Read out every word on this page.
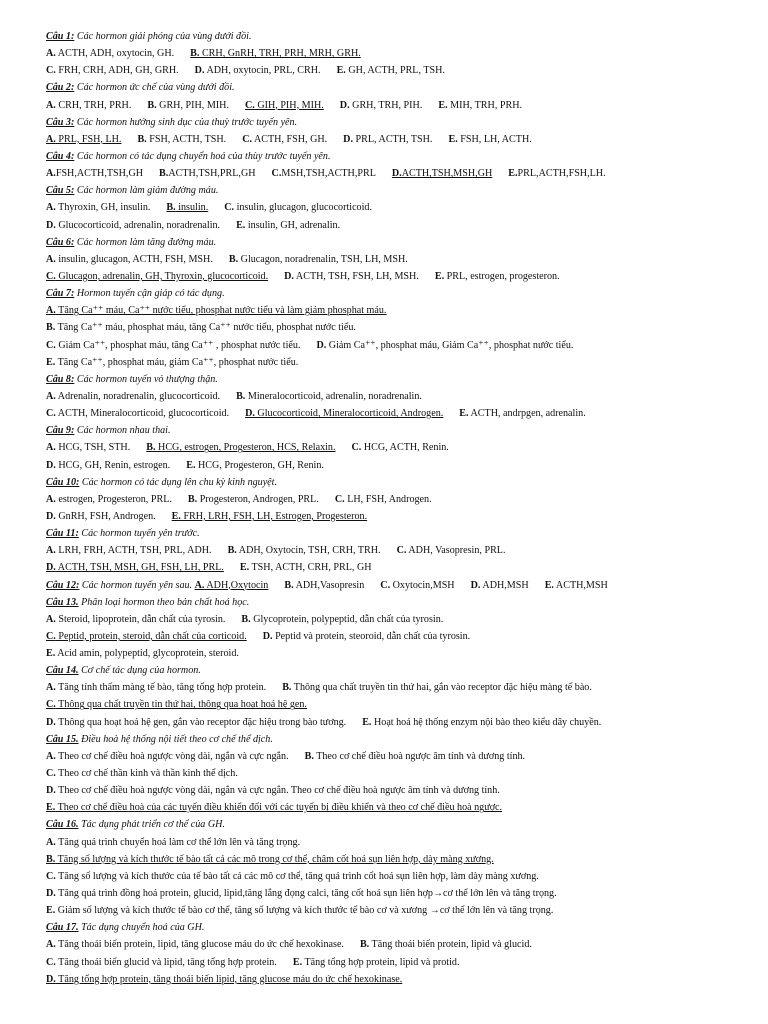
Câu 1: Các hormon giải phóng của vùng dưới đồi.
A. ACTH, ADH, oxytocin, GH. B. CRH, GnRH, TRH, PRH, MRH, GRH.
C. FRH, CRH, ADH, GH, GRH. D. ADH, oxytocin, PRL, CRH. E. GH, ACTH, PRL, TSH.
Câu 2: Các hormon ức chế của vùng dưới đồi.
A. CRH, TRH, PRH. B. GRH, PIH, MIH. C. GIH, PIH, MIH. D. GRH, TRH, PIH. E. MIH, TRH, PRH.
Câu 3: Các hormon hướng sinh dục của thuỳ trước tuyến yên.
A. PRL, FSH, LH. B. FSH, ACTH, TSH. C. ACTH, FSH, GH. D. PRL, ACTH, TSH. E. FSH, LH, ACTH.
Câu 4: Các hormon có tác dụng chuyển hoá của thùy trước tuyến yên.
A.FSH,ACTH,TSH,GH B.ACTH,TSH,PRL,GH C.MSH,TSH,ACTH,PRL D.ACTH,TSH,MSH,GH E.PRL,ACTH,FSH,LH.
Câu 5: Các hormon làm giảm đường máu.
A. Thyroxin, GH, insulin. B. insulin. C. insulin, glucagon, glucocorticoid.
D. Glucocorticoid, adrenalin, noradrenalin. E. insulin, GH, adrenalin.
Câu 6: Các hormon làm tăng đường máu.
A. insulin, glucagon, ACTH, FSH, MSH. B. Glucagon, noradrenalin, TSH, LH, MSH.
C. Glucagon, adrenalin, GH, Thyroxin, glucocorticoid. D. ACTH, TSH, FSH, LH, MSH. E. PRL, estrogen, progesteron.
Câu 7: Hormon tuyến cận giáp có tác dụng.
A. Tăng Ca⁺⁺ máu, Ca⁺⁺ nước tiểu, phosphat nước tiểu và làm giảm phosphat máu.
B. Tăng Ca⁺⁺ máu, phosphat máu, tăng Ca⁺⁺ nước tiểu, phosphat nước tiểu.
C. Giảm Ca⁺⁺, phosphat máu, tăng Ca⁺⁺ , phosphat nước tiểu. D. Giảm Ca⁺⁺, phosphat máu, Giảm Ca⁺⁺, phosphat nước tiểu.
E. Tăng Ca⁺⁺, phosphat máu, giảm Ca⁺⁺, phosphat nước tiểu.
Câu 8: Các hormon tuyến vỏ thượng thận.
A. Adrenalin, noradrenalin, glucocorticoid. B. Mineralocorticoid, adrenalin, noradrenalin.
C. ACTH, Mineralocorticoid, glucocorticoid. D. Glucocorticoid, Mineralocorticoid, Androgen. E. ACTH, andrpgen, adrenalin.
Câu 9: Các hormon nhau thai.
A. HCG, TSH, STH. B. HCG, estrogen, Progesteron, HCS, Relaxin. C. HCG, ACTH, Renin.
D. HCG, GH, Renin, estrogen. E. HCG, Progesteron, GH, Renin.
Câu 10: Các hormon có tác dụng lên chu kỳ kinh nguyệt.
A. estrogen, Progesteron, PRL. B. Progesteron, Androgen, PRL. C. LH, FSH, Androgen.
D. GnRH, FSH, Androgen. E. FRH, LRH, FSH, LH, Estrogen, Progesteron.
Câu 11: Các hormon tuyến yên trước.
A. LRH, FRH, ACTH, TSH, PRL, ADH. B. ADH, Oxytocin, TSH, CRH, TRH. C. ADH, Vasopresin, PRL.
D. ACTH, TSH, MSH, GH, FSH, LH, PRL. E. TSH, ACTH, CRH, PRL, GH
Câu 12: Các hormon tuyến yên sau. A. ADH,Oxytocin B. ADH,Vasopresin C. Oxytocin,MSH D. ADH,MSH E. ACTH,MSH
Câu 13. Phân loại hormon theo bản chất hoá học.
A. Steroid, lipoprotein, dẫn chất của tyrosin. B. Glycoprotein, polypeptid, dẫn chất của tyrosin.
C. Peptid, protein, steroid, dẫn chất của corticoid. D. Peptid và protein, steoroid, dẫn chất của tyrosin.
E. Acid amin, polypeptid, glycoprotein, steroid.
Câu 14. Cơ chế tác dụng của hormon.
A. Tăng tính thấm màng tế bào, tăng tổng hợp protein. B. Thông qua chất truyền tin thứ hai, gắn vào receptor đặc hiệu màng tế bào.
C. Thông qua chất truyền tin thứ hai, thông qua hoạt hoá hệ gen.
D. Thông qua hoạt hoá hệ gen, gắn vào receptor đặc hiệu trong bào tương. E. Hoạt hoá hệ thống enzym nội bào theo kiểu dây chuyền.
Câu 15. Điều hoà hệ thống nội tiết theo cơ chế thể dịch.
A. Theo cơ chế điều hoà ngược vòng dài, ngắn và cực ngắn. B. Theo cơ chế điều hoà ngược âm tính và dương tính.
C. Theo cơ chế thần kinh và thần kinh thể dịch.
D. Theo cơ chế điều hoà ngược vòng dài, ngắn và cực ngắn. Theo cơ chế điều hoà ngược âm tính và dương tính.
E. Theo cơ chế điều hoà của các tuyến điều khiển đối với các tuyến bị điều khiển và theo cơ chế điều hoà ngược.
Câu 16. Tác dụng phát triển cơ thể của GH.
A. Tăng quá trình chuyển hoá làm cơ thể lớn lên và tăng trọng.
B. Tăng số lượng và kích thước tế bào tất cả các mô trong cơ thể, châm cốt hoá sụn liên hợp, dày màng xương.
C. Tăng số lượng và kích thước của tế bào tất cả các mô cơ thể, tăng quá trình cốt hoá sụn liên hợp, làm dày màng xương.
D. Tăng quá trình đồng hoá protein, glucid, lipid,tăng lắng đọng calci, tăng cốt hoá sụn liên hợp→cơ thể lớn lên và tăng trọng.
E. Giảm số lượng và kích thước tế bào cơ thể, tăng số lượng và kích thước tế bào cơ và xương →cơ thể lớn lên và tăng trọng.
Câu 17. Tác dụng chuyển hoá của GH.
A. Tăng thoái biến protein, lipid, tăng glucose máu do ức chế hexokinase. B. Tăng thoái biến protein, lipid và glucid.
C. Tăng thoái biến glucid và lipid, tăng tổng hợp protein. E. Tăng tổng hợp protein, lipid và protid.
D. Tăng tổng hợp protein, tăng thoái biến lipid, tăng glucose máu do ức chế hexokinase.
